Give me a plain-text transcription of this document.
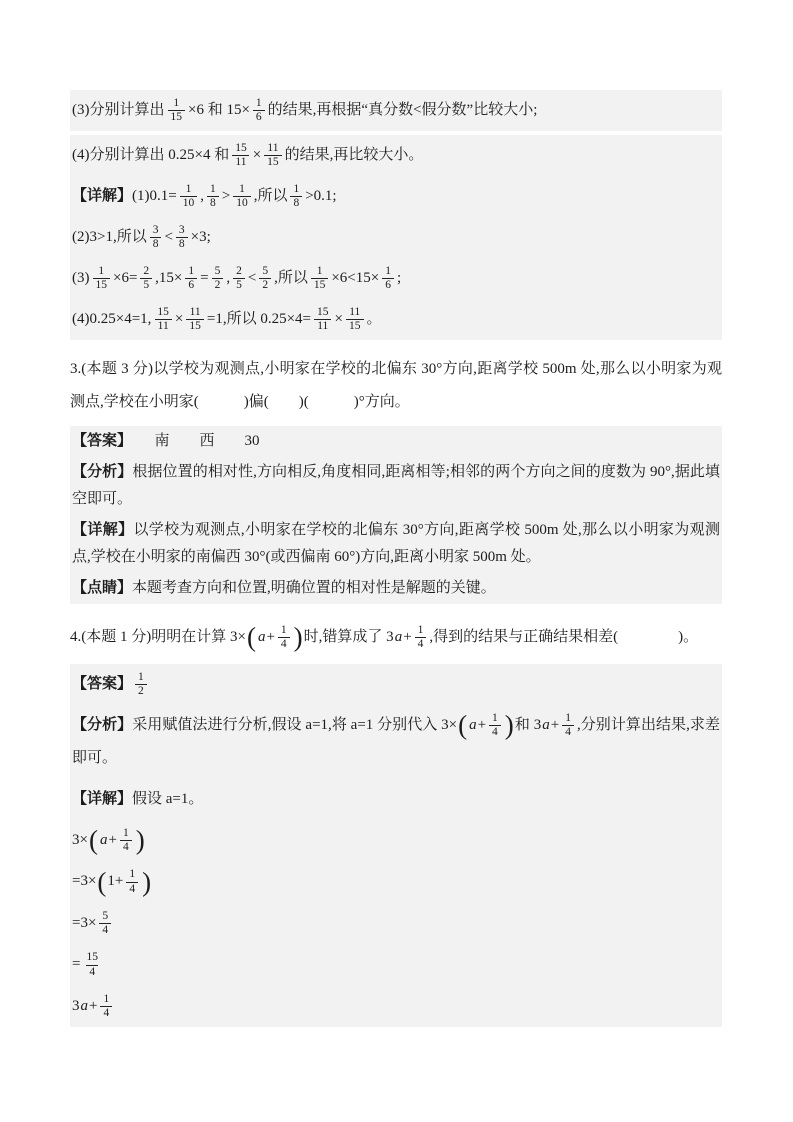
(3)分别计算出 $\frac{1}{15} \times 6$ 和 $15\times \frac{1}{6}$ 的结果,再根据“真分数<假分数”比较大小;

(4)分别计算出 0.25×4 和 $\frac{15}{11} \times \frac{11}{15}$ 的结果,再比较大小。

【详解】$(1)0.1= \frac{1}{10}$ , $\frac{1}{8} > \frac{1}{10}$ ,所以 $\frac{1}{8} >0.1$;

(2)3>1,所以 $\frac{3}{8} < \frac{3}{8} \times 3$;

$(3) \frac{1}{15} \times 6= \frac{2}{5} ,15\times \frac{1}{6} = \frac{5}{2}$ , $\frac{2}{5} < \frac{5}{2}$ ,所以 $\frac{1}{15} \times 6<15\times \frac{1}{6}$ ;

(4)0.25×4=1, $\frac{15}{11} \times \frac{11}{15} =1$,所以 $0.25\times 4= \frac{15}{11} \times \frac{11}{15}$ 。

3.(本题 3 分)以学校为观测点,小明家在学校的北偏东 30°方向,距离学校 500m 处,那么以小明家为观测点,学校在小明家(　　　)偏(　　)(　　　)°方向。

【答案】　　南　　西　　30

【分析】根据位置的相对性,方向相反,角度相同,距离相等;相邻的两个方向之间的度数为 90°,据此填空即可。

【详解】以学校为观测点,小明家在学校的北偏东 30°方向,距离学校 500m 处,那么以小明家为观测点,学校在小明家的南偏西 30°(或西偏南 60°)方向,距离小明家 500m 处。

【点睛】本题考查方向和位置,明确位置的相对性是解题的关键。

4.(本题 1 分)明明在计算 3×( $a+ \frac{1}{4}$ )时,错算成了 $3a+ \frac{1}{4}$ ,得到的结果与正确结果相差(　　　　)。

【答案】 $\frac{1}{2}$

【分析】采用赋值法进行分析,假设 a=1,将 a=1 分别代入 3×( $a+ \frac{1}{4}$ )和 $3a+ \frac{1}{4}$ ,分别计算出结果,求差即可。

【详解】假设 a=1。

3×( $a+ \frac{1}{4}$ )

$=3\times(1+ \frac{1}{4}$ )

$=3\times \frac{5}{4}$

= $\frac{15}{4}$

$3a+ \frac{1}{4}$
